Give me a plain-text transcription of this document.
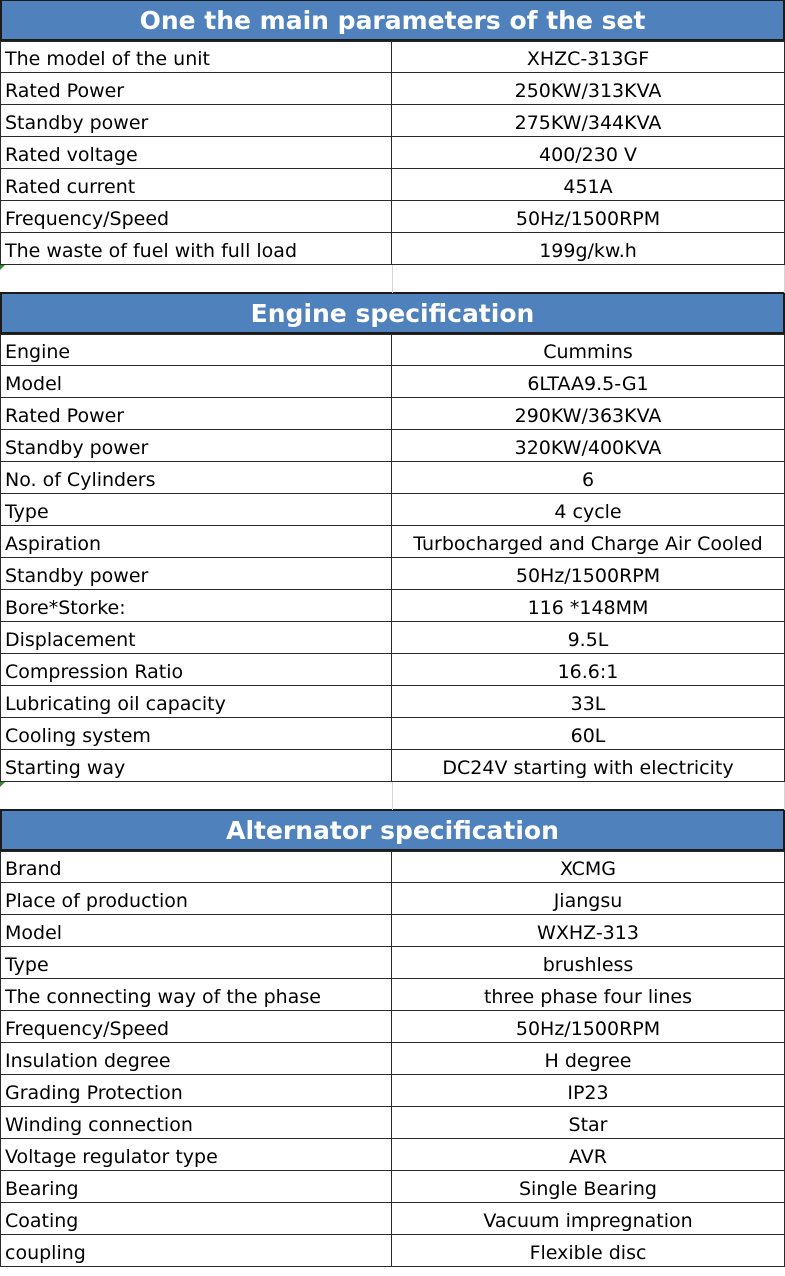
One the main parameters of the set
The model of the unit	XHZC-313GF
Rated Power	250KW/313KVA
Standby power	275KW/344KVA
Rated voltage	400/230 V
Rated current	451A
Frequency/Speed	50Hz/1500RPM
The waste of fuel with full load	199g/kw.h
Engine specification
Engine	Cummins
Model	6LTAA9.5-G1
Rated Power	290KW/363KVA
Standby power	320KW/400KVA
No. of Cylinders	6
Type	4 cycle
Aspiration	Turbocharged and Charge Air Cooled
Standby power	50Hz/1500RPM
Bore*Storke:	116 *148MM
Displacement	9.5L
Compression Ratio	16.6:1
Lubricating oil capacity	33L
Cooling system	60L
Starting way	DC24V starting with electricity
Alternator specification
Brand	XCMG
Place of production	Jiangsu
Model	WXHZ-313
Type	brushless
The connecting way of the phase	three phase four lines
Frequency/Speed	50Hz/1500RPM
Insulation degree	H degree
Grading Protection	IP23
Winding connection	Star
Voltage regulator type	AVR
Bearing	Single Bearing
Coating	Vacuum impregnation
coupling	Flexible disc
